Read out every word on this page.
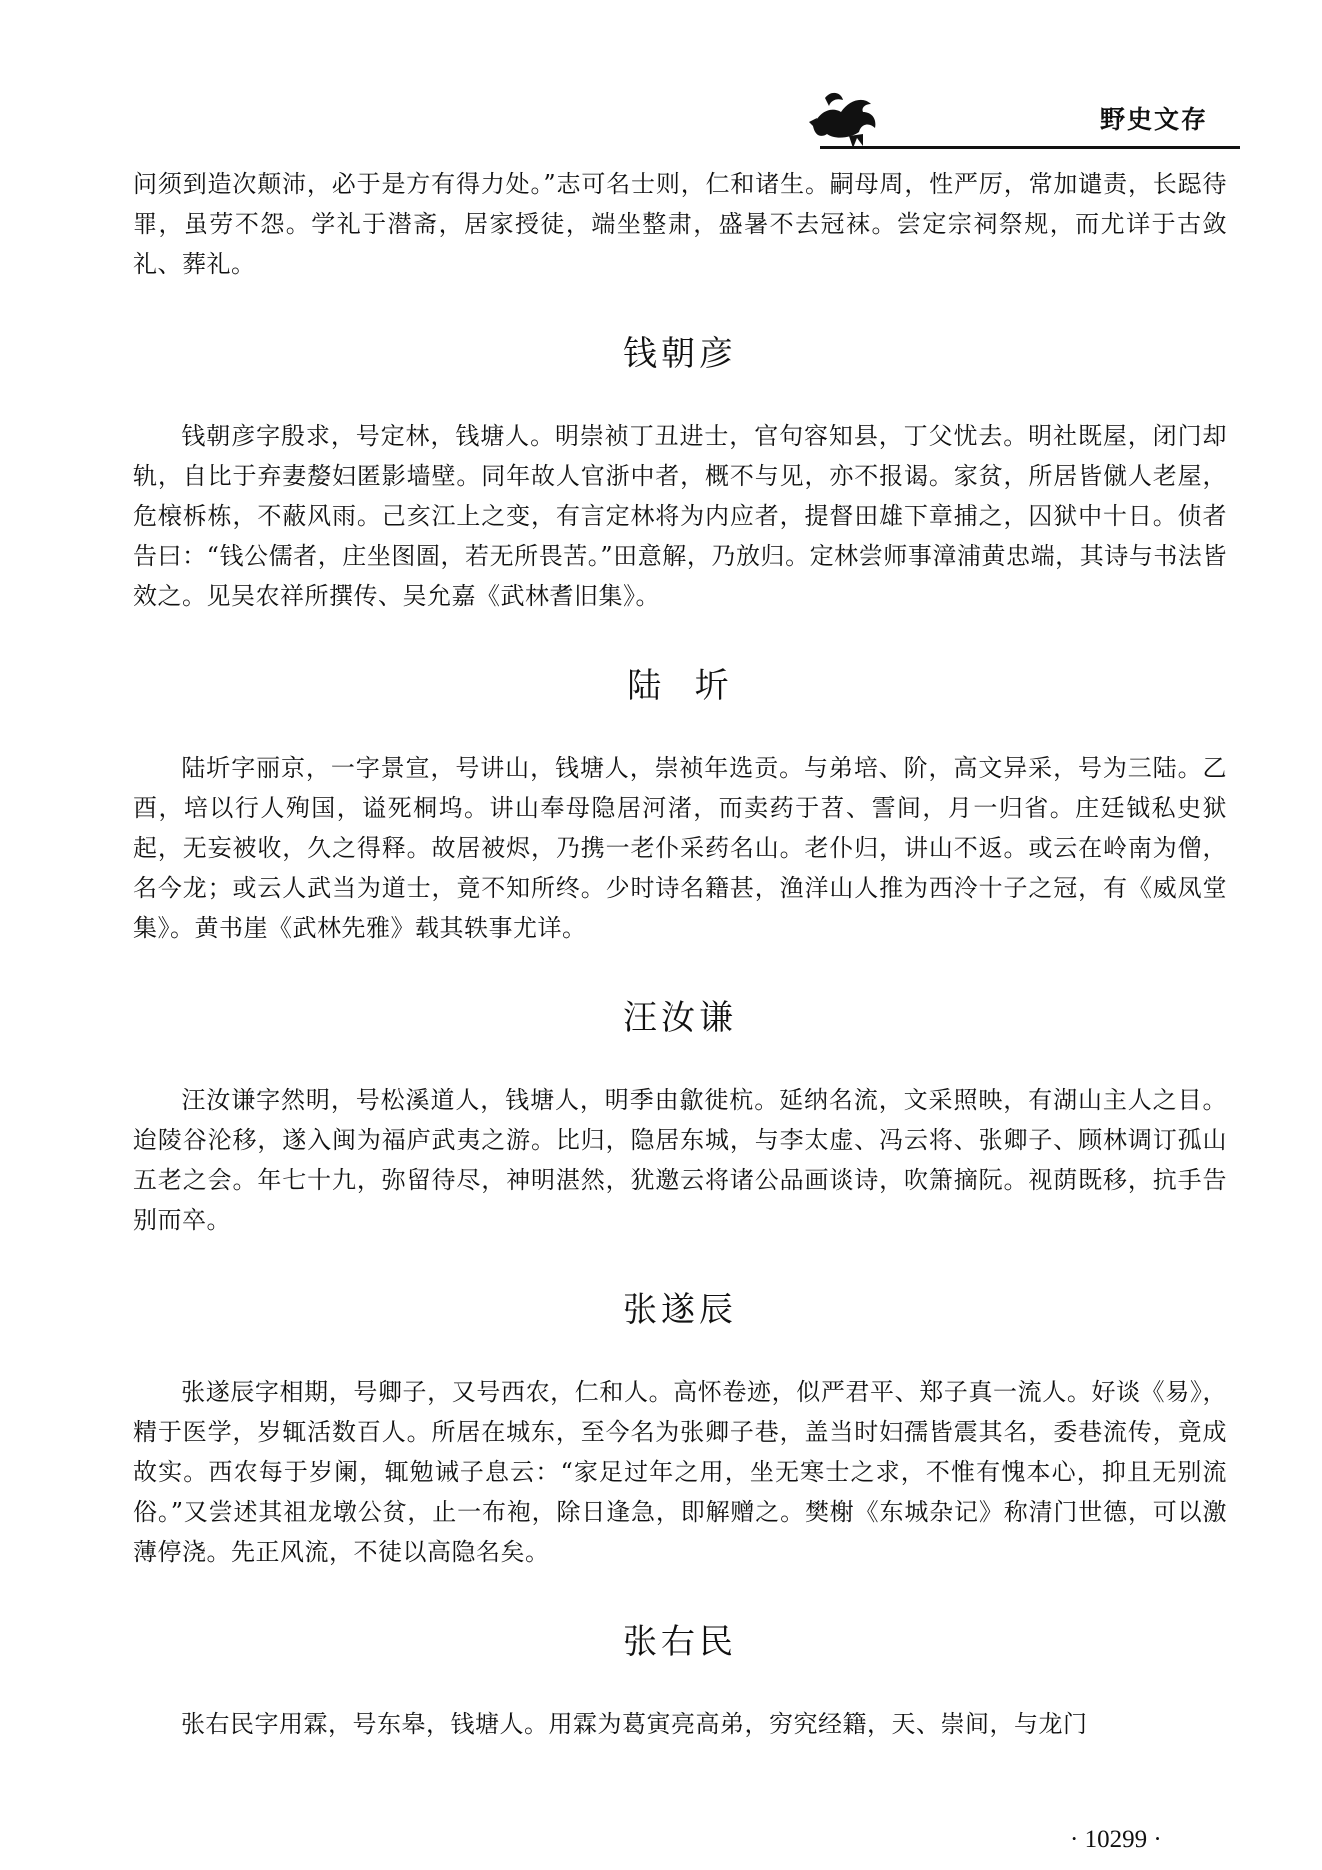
野史文存

问须到造次颠沛，必于是方有得力处。”志可名士则，仁和诸生。嗣母周，性严厉，常加谴责，长跽待罪，虽劳不怨。学礼于潜斋，居家授徒，端坐整肃，盛暑不去冠袜。尝定宗祠祭规，而尤详于古敛礼、葬礼。

钱朝彦

钱朝彦字殷求，号定林，钱塘人。明崇祯丁丑进士，官句容知县，丁父忧去。明社既屋，闭门却轨，自比于弃妻嫠妇匿影墙壁。同年故人官浙中者，概不与见，亦不报谒。家贫，所居皆僦人老屋，危榱柝栋，不蔽风雨。己亥江上之变，有言定林将为内应者，提督田雄下章捕之，囚狱中十日。侦者告曰：“钱公儒者，庄坐图圄，若无所畏苦。”田意解，乃放归。定林尝师事漳浦黄忠端，其诗与书法皆效之。见吴农祥所撰传、吴允嘉《武林耆旧集》。

陆  圻

陆圻字丽京，一字景宣，号讲山，钱塘人，崇祯年选贡。与弟培、阶，高文异采，号为三陆。乙酉，培以行人殉国，谥死桐坞。讲山奉母隐居河渚，而卖药于苕、霅间，月一归省。庄廷钺私史狱起，无妄被收，久之得释。故居被烬，乃携一老仆采药名山。老仆归，讲山不返。或云在岭南为僧，名今龙；或云人武当为道士，竟不知所终。少时诗名籍甚，渔洋山人推为西泠十子之冠，有《威凤堂集》。黄书崖《武林先雅》载其轶事尤详。

汪汝谦

汪汝谦字然明，号松溪道人，钱塘人，明季由歙徙杭。延纳名流，文采照映，有湖山主人之目。迨陵谷沦移，遂入闽为福庐武夷之游。比归，隐居东城，与李太虚、冯云将、张卿子、顾林调订孤山五老之会。年七十九，弥留待尽，神明湛然，犹邀云将诸公品画谈诗，吹箫摘阮。视荫既移，抗手告别而卒。

张遂辰

张遂辰字相期，号卿子，又号西农，仁和人。高怀卷迹，似严君平、郑子真一流人。好谈《易》，精于医学，岁辄活数百人。所居在城东，至今名为张卿子巷，盖当时妇孺皆震其名，委巷流传，竟成故实。西农每于岁阑，辄勉诫子息云：“家足过年之用，坐无寒士之求，不惟有愧本心，抑且无别流俗。”又尝述其祖龙墩公贫，止一布袍，除日逢急，即解赠之。樊榭《东城杂记》称清门世德，可以激薄停浇。先正风流，不徒以高隐名矣。

张右民

张右民字用霖，号东皋，钱塘人。用霖为葛寅亮高弟，穷究经籍，天、崇间，与龙门

· 10299 ·
